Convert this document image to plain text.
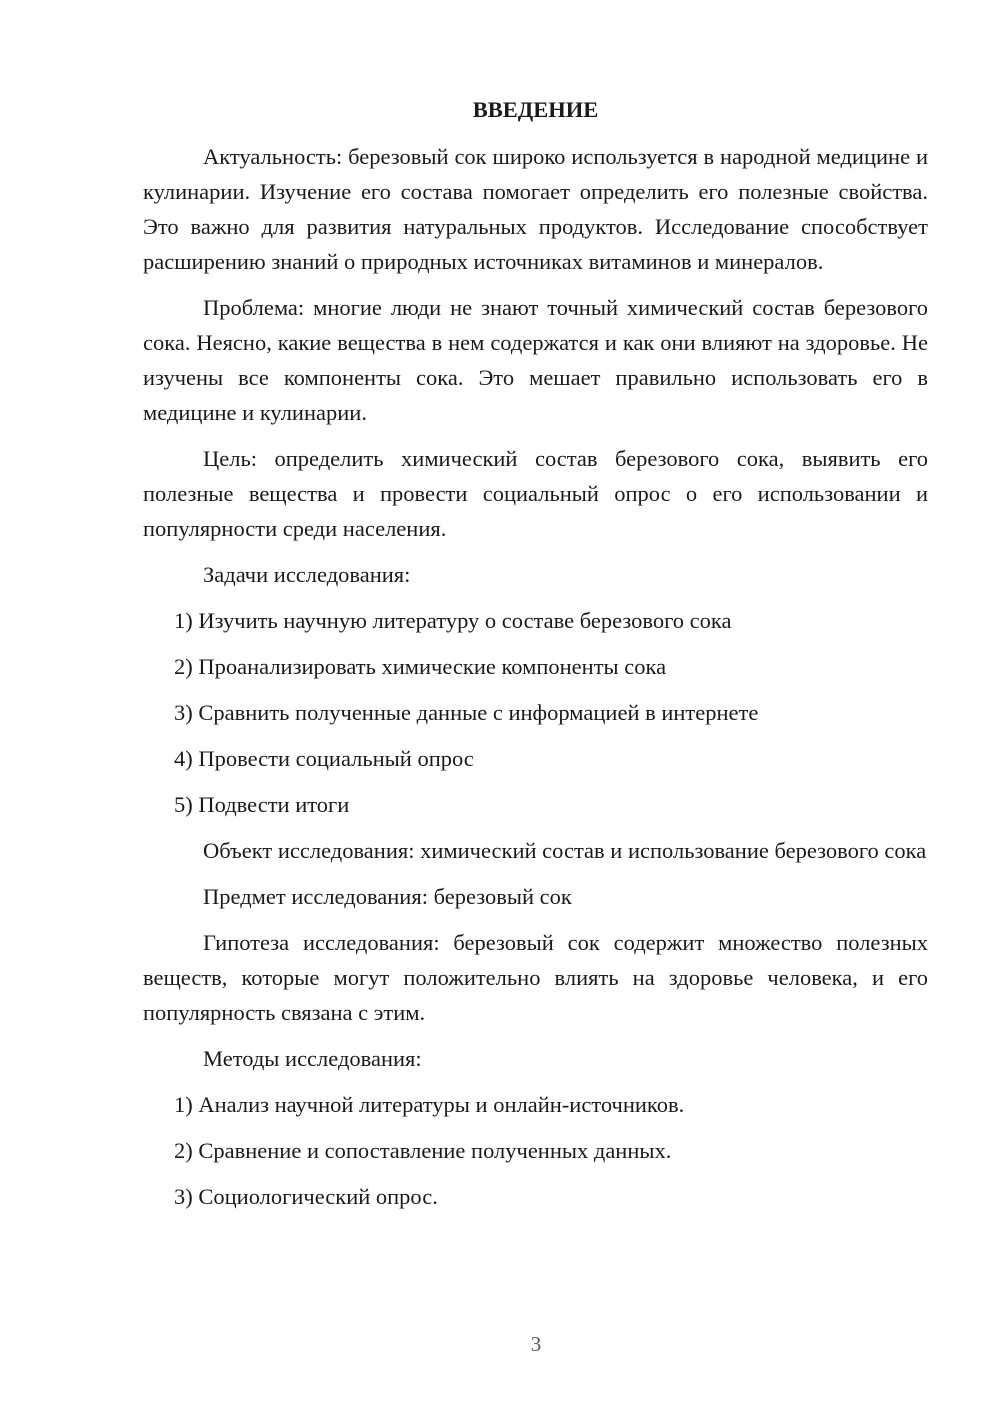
ВВЕДЕНИЕ

Актуальность: березовый сок широко используется в народной медицине и кулинарии. Изучение его состава помогает определить его полезные свойства. Это важно для развития натуральных продуктов. Исследование способствует расширению знаний о природных источниках витаминов и минералов.

Проблема: многие люди не знают точный химический состав березового сока. Неясно, какие вещества в нем содержатся и как они влияют на здоровье. Не изучены все компоненты сока. Это мешает правильно использовать его в медицине и кулинарии.

Цель: определить химический состав березового сока, выявить его полезные вещества и провести социальный опрос о его использовании и популярности среди населения.

Задачи исследования:
1) Изучить научную литературу о составе березового сока
2) Проанализировать химические компоненты сока
3) Сравнить полученные данные с информацией в интернете
4) Провести социальный опрос
5) Подвести итоги

Объект исследования: химический состав и использование березового сока

Предмет исследования: березовый сок

Гипотеза исследования: березовый сок содержит множество полезных веществ, которые могут положительно влиять на здоровье человека, и его популярность связана с этим.

Методы исследования:
1) Анализ научной литературы и онлайн-источников.
2) Сравнение и сопоставление полученных данных.
3) Социологический опрос.
3
